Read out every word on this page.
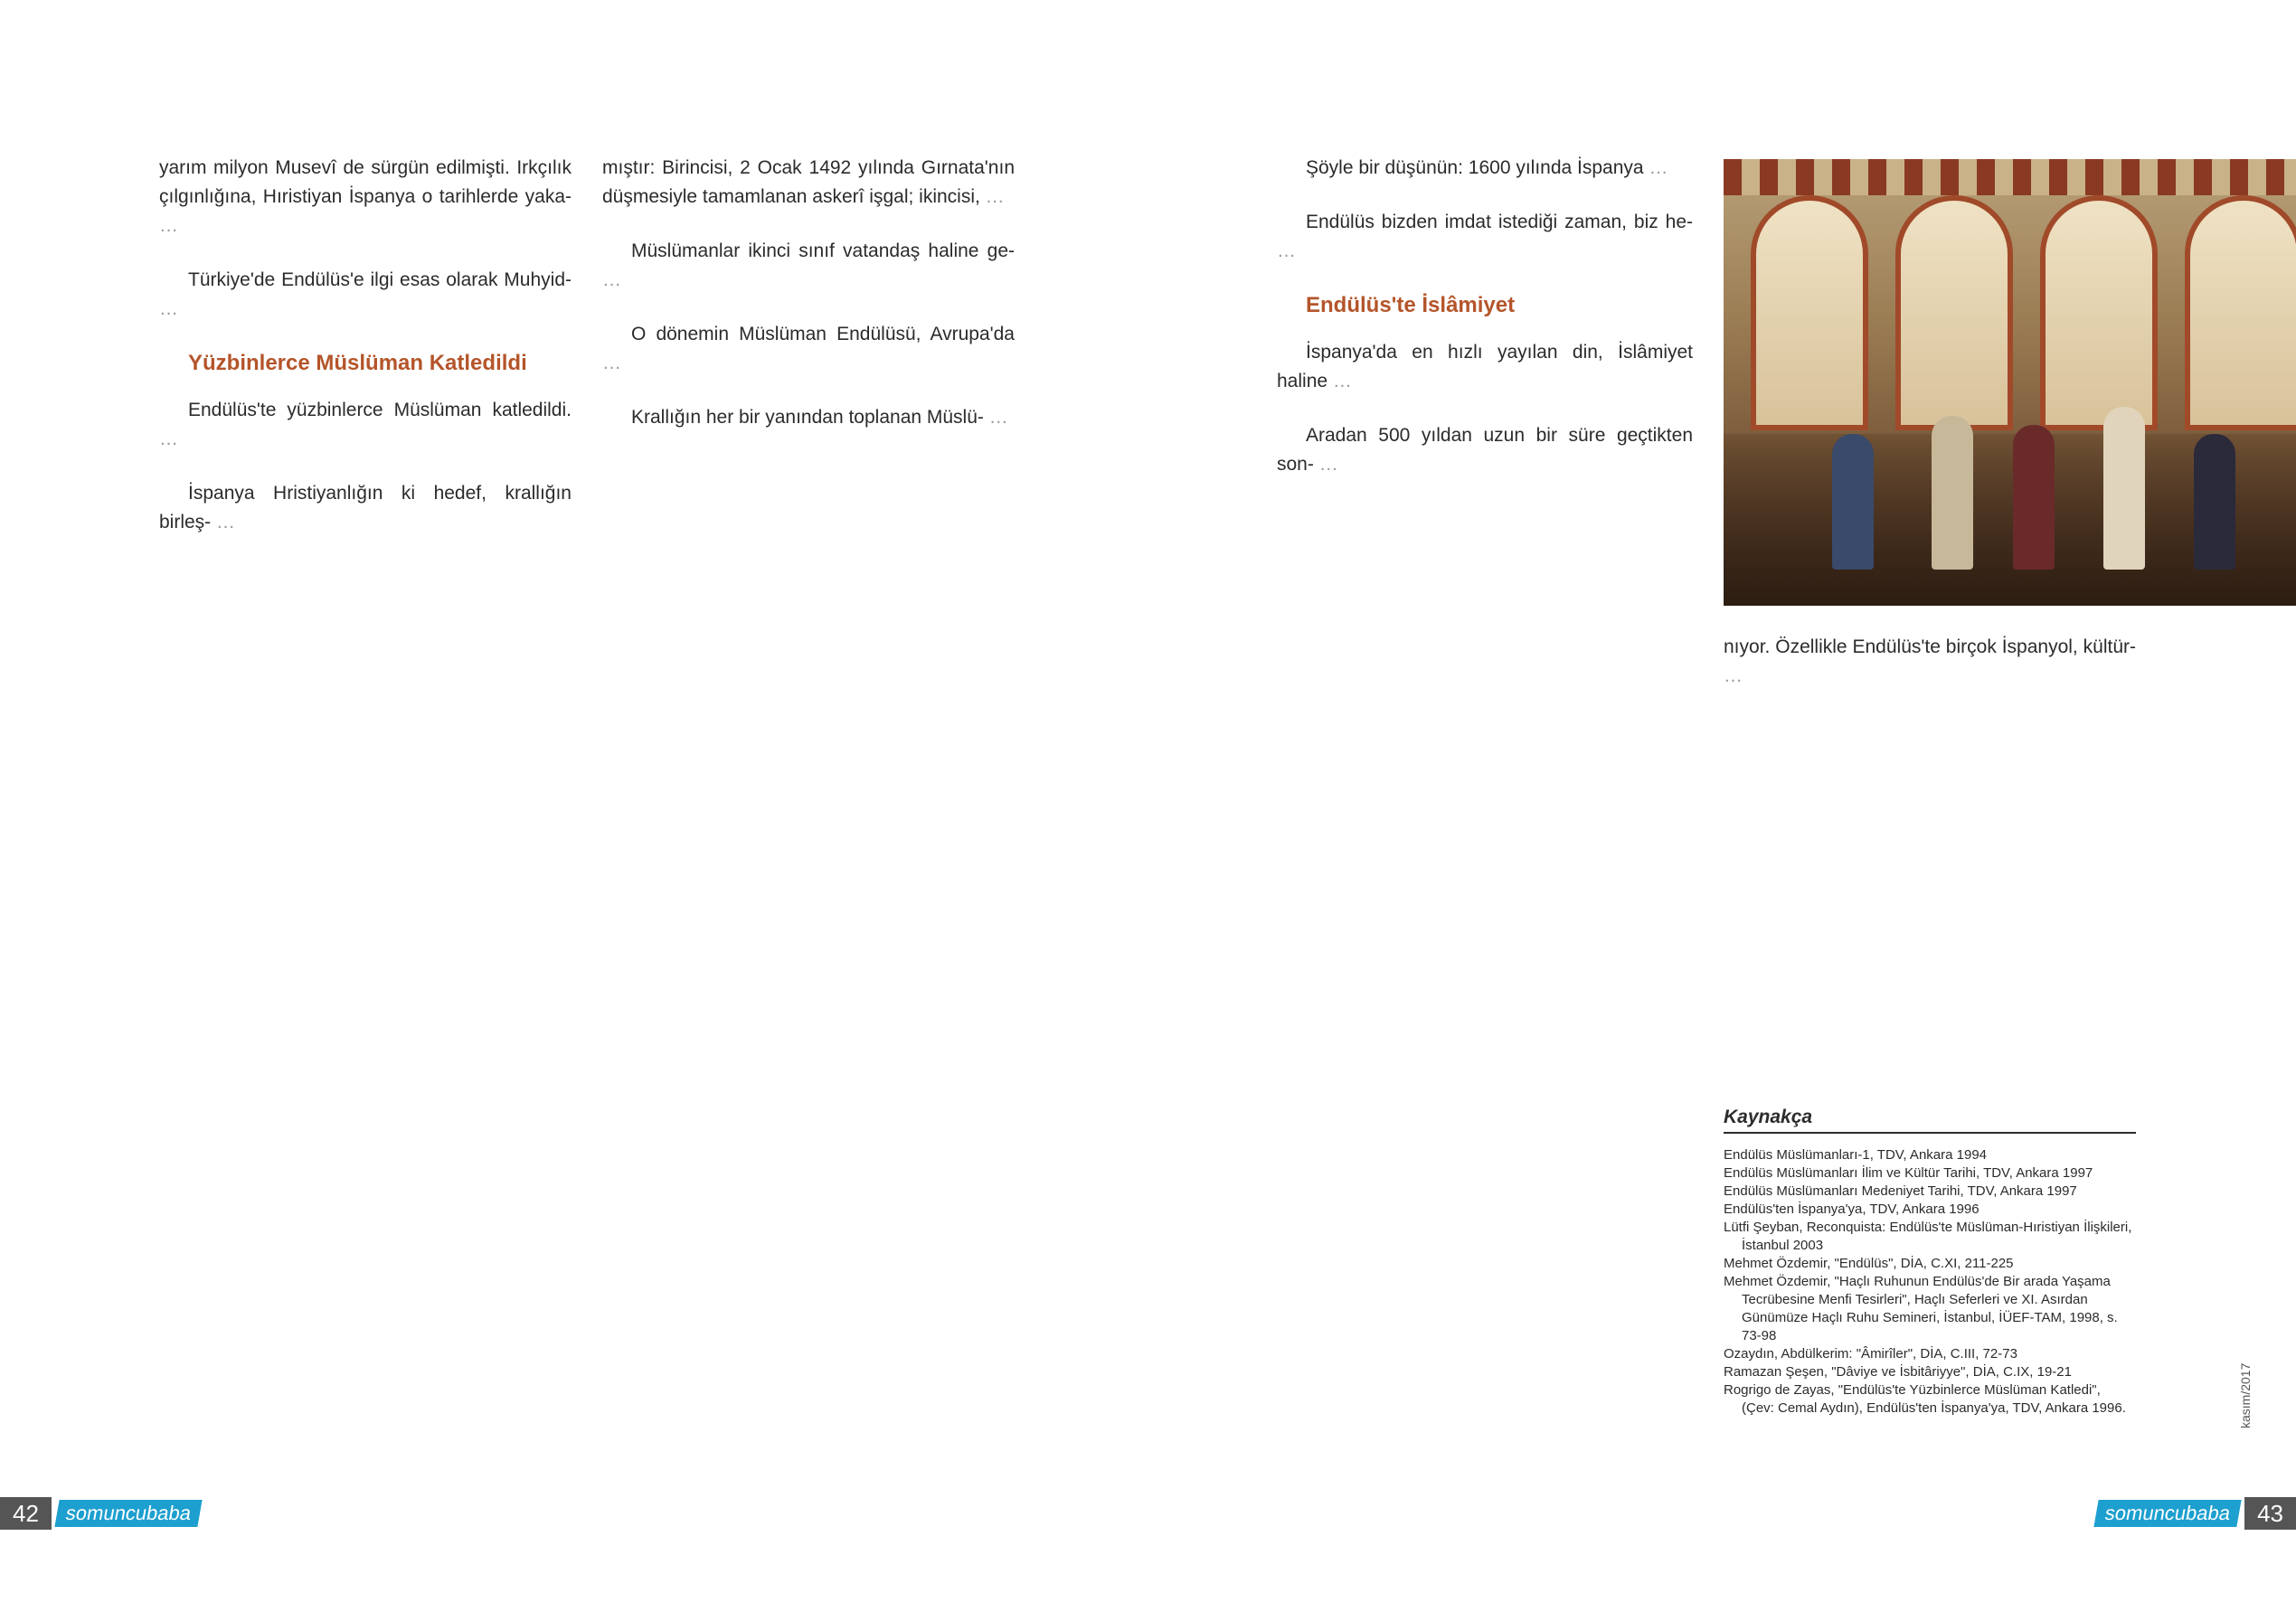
yarım milyon Musevî de sürgün edilmişti. Irkçılık çılgınlığına, Hıristiyan İspanya o tarihlerde yaka- …

Türkiye'de Endülüs'e ilgi esas olarak Muhyid- …

Yüzbinlerce Müslüman Katledildi

Endülüs'te yüzbinlerce Müslüman katledildi. …

İspanya Hristiyanlığın ki hedef, krallığın birleş- …

mıştır: Birincisi, 2 Ocak 1492 yılında Gırnata'nın düşmesiyle tamamlanan askerî işgal; ikincisi, …

Müslümanlar ikinci sınıf vatandaş haline ge- …

O dönemin Müslüman Endülüsü, Avrupa'da …

Krallığın her bir yanından toplanan Müslü- …

Şöyle bir düşünün: 1600 yılında İspanya …

Endülüs bizden imdat istediği zaman, biz he- …

Endülüs'te İslâmiyet

İspanya'da en hızlı yayılan din, İslâmiyet haline …

Aradan 500 yıldan uzun bir süre geçtikten son- …

nıyor. Özellikle Endülüs'te birçok İspanyol, kültür- …

Kaynakça
Endülüs Müslümanları-1, TDV, Ankara 1994
Endülüs Müslümanları İlim ve Kültür Tarihi, TDV, Ankara 1997
Endülüs Müslümanları Medeniyet Tarihi, TDV, Ankara 1997
Endülüs'ten İspanya'ya, TDV, Ankara 1996
Lütfi Şeyban, Reconquista: Endülüs'te Müslüman-Hıristiyan İlişkileri, İstanbul 2003
Mehmet Özdemir, "Endülüs", DİA, C.XI, 211-225
Mehmet Özdemir, "Haçlı Ruhunun Endülüs'de Bir arada Yaşama Tecrübesine Menfi Tesirleri", Haçlı Seferleri ve XI. Asırdan Günümüze Haçlı Ruhu Semineri, İstanbul, İÜEF-TAM, 1998, s. 73-98
Ozaydın, Abdülkerim: "Âmirîler", DİA, C.III, 72-73
Ramazan Şeşen, "Dâviye ve İsbitâriyye", DİA, C.IX, 19-21
Rogrigo de Zayas, "Endülüs'te Yüzbinlerce Müslüman Katledi", (Çev: Cemal Aydın), Endülüs'ten İspanya'ya, TDV, Ankara 1996.
42	somuncubaba
kasım/2017
somuncubaba	43
